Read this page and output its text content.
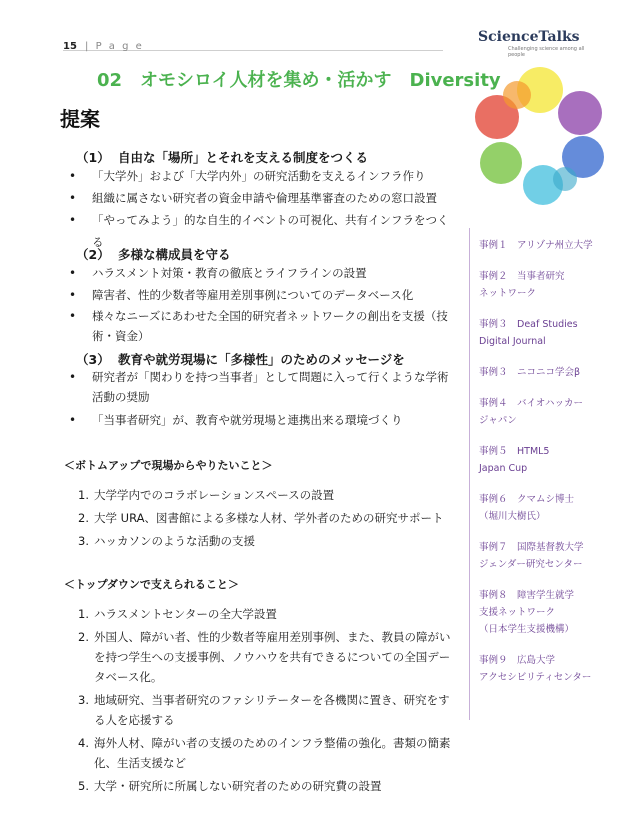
15 | P a g e
ScienceTalks
Challenging science among all people
02　オモシロイ人材を集め・活かす　Diversity
提案
（1） 自由な「場所」とそれを支える制度をつくる
• 「大学外」および「大学内外」の研究活動を支えるインフラ作り
• 組織に属さない研究者の資金申請や倫理基準審査のための窓口設置
• 「やってみよう」的な自生的イベントの可視化、共有インフラをつくる
（2） 多様な構成員を守る
• ハラスメント対策・教育の徹底とライフラインの設置
• 障害者、性的少数者等雇用差別事例についてのデータベース化
• 様々なニーズにあわせた全国的研究者ネットワークの創出を支援（技術・資金）
（3） 教育や就労現場に「多様性」のためのメッセージを
• 研究者が「関わりを持つ当事者」として問題に入って行くような学術活動の奨励
• 「当事者研究」が、教育や就労現場と連携出来る環境づくり
＜ボトムアップで現場からやりたいこと＞
1. 大学学内でのコラボレーションスペースの設置
2. 大学 URA、図書館による多様な人材、学外者のための研究サポート
3. ハッカソンのような活動の支援
＜トップダウンで支えられること＞
1. ハラスメントセンターの全大学設置
2. 外国人、障がい者、性的少数者等雇用差別事例、また、教員の障がいを持つ学生への支援事例、ノウハウを共有できるについての全国データベース化。
3. 地域研究、当事者研究のファシリテーターを各機関に置き、研究をする人を応援する
4. 海外人材、障がい者の支援のためのインフラ整備の強化。書類の簡素化、生活支援など
5. 大学・研究所に所属しない研究者のための研究費の設置
事例１　アリゾナ州立大学
事例２　当事者研究
ネットワーク
事例３　Deaf Studies
Digital Journal
事例３　ニコニコ学会β
事例４　バイオハッカー
ジャパン
事例５　HTML5
Japan Cup
事例６　クマムシ博士
（堀川大樹氏）
事例７　国際基督教大学
ジェンダー研究センター
事例８　障害学生就学
支援ネットワーク
（日本学生支援機構）
事例９　広島大学
アクセシビリティセンター
